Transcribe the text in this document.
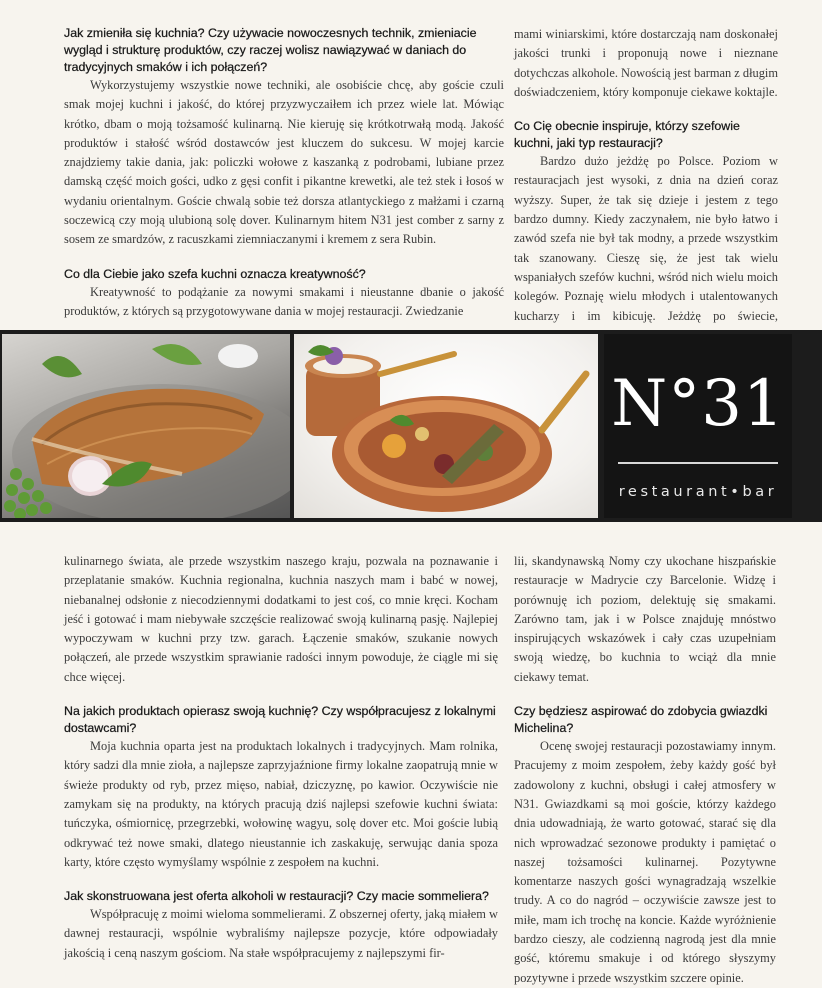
Jak zmieniła się kuchnia? Czy używacie nowoczesnych technik, zmieniacie wygląd i strukturę produktów, czy raczej wolisz nawiązywać w daniach do tradycyjnych smaków i ich połączeń?

Wykorzystujemy wszystkie nowe techniki, ale osobiście chcę, aby goście czuli smak mojej kuchni i jakość, do której przyzwyczaiłem ich przez wiele lat. Mówiąc krótko, dbam o moją tożsamość kulinarną. Nie kieruję się krótkotrwałą modą. Jakość produktów i stałość wśród dostawców jest kluczem do sukcesu. W mojej karcie znajdziemy takie dania, jak: policzki wołowe z kaszanką z podrobami, lubiane przez damską część moich gości, udko z gęsi confit i pikantne krewetki, ale też stek i łosoś w wydaniu orientalnym. Goście chwalą sobie też dorsza atlantyckiego z małżami i czarną soczewicą czy moją ulubioną solę dover. Kulinarnym hitem N31 jest comber z sarny z sosem ze smardzów, z racuszkami ziemniaczanymi i kremem z sera Rubin.

Co dla Ciebie jako szefa kuchni oznacza kreatywność?

Kreatywność to podążanie za nowymi smakami i nieustanne dbanie o jakość produktów, z których są przygotowywane dania w mojej restauracji. Zwiedzanie

mami winiarskimi, które dostarczają nam doskonałej jakości trunki i proponują nowe i nieznane dotychczas alkohole. Nowością jest barman z długim doświadczeniem, który komponuje ciekawe koktajle.

Co Cię obecnie inspiruje, którzy szefowie kuchni, jaki typ restauracji?

Bardzo dużo jeżdżę po Polsce. Poziom w restauracjach jest wysoki, z dnia na dzień coraz wyższy. Super, że tak się dzieje i jestem z tego bardzo dumny. Kiedy zaczynałem, nie było łatwo i zawód szefa nie był tak modny, a przede wszystkim tak szanowany. Cieszę się, że jest tak wielu wspaniałych szefów kuchni, wśród nich wielu moich kolegów. Poznaję wielu młodych i utalentowanych kucharzy i im kibicuję. Jeżdżę po świecie,

N°31
restaurant•bar

kulinarnego świata, ale przede wszystkim naszego kraju, pozwala na poznawanie i przeplatanie smaków. Kuchnia regionalna, kuchnia naszych mam i babć w nowej, niebanalnej odsłonie z niecodziennymi dodatkami to jest coś, co mnie kręci. Kocham jeść i gotować i mam niebywałe szczęście realizować swoją kulinarną pasję. Najlepiej wypoczywam w kuchni przy tzw. garach. Łączenie smaków, szukanie nowych połączeń, ale przede wszystkim sprawianie radości innym powoduje, że ciągle mi się chce więcej.

Na jakich produktach opierasz swoją kuchnię? Czy współpracujesz z lokalnymi dostawcami?

Moja kuchnia oparta jest na produktach lokalnych i tradycyjnych. Mam rolnika, który sadzi dla mnie zioła, a najlepsze zaprzyjaźnione firmy lokalne zaopatrują mnie w świeże produkty od ryb, przez mięso, nabiał, dziczyznę, po kawior. Oczywiście nie zamykam się na produkty, na których pracują dziś najlepsi szefowie kuchni świata: tuńczyka, ośmiornicę, przegrzebki, wołowinę wagyu, solę dover etc. Moi goście lubią odkrywać też nowe smaki, dlatego nieustannie ich zaskakuję, serwując dania spoza karty, które często wymyślamy wspólnie z zespołem na kuchni.

Jak skonstruowana jest oferta alkoholi w restauracji? Czy macie sommeliera?

Współpracuję z moimi wieloma sommelierami. Z obszernej oferty, jaką miałem w dawnej restauracji, wspólnie wybraliśmy najlepsze pozycje, które odpowiadały jakością i ceną naszym gościom. Na stałe współpracujemy z najlepszymi fir-

lii, skandynawską Nomy czy ukochane hiszpańskie restauracje w Madrycie czy Barcelonie. Widzę i porównuję ich poziom, delektuję się smakami. Zarówno tam, jak i w Polsce znajduję mnóstwo inspirujących wskazówek i cały czas uzupełniam swoją wiedzę, bo kuchnia to wciąż dla mnie ciekawy temat.

Czy będziesz aspirować do zdobycia gwiazdki Michelina?

Ocenę swojej restauracji pozostawiamy innym. Pracujemy z moim zespołem, żeby każdy gość był zadowolony z kuchni, obsługi i całej atmosfery w N31. Gwiazdkami są moi goście, którzy każdego dnia udowadniają, że warto gotować, starać się dla nich wprowadzać sezonowe produkty i pamiętać o naszej tożsamości kulinarnej. Pozytywne komentarze naszych gości wynagradzają wszelkie trudy. A co do nagród – oczywiście zawsze jest to miłe, mam ich trochę na koncie. Każde wyróżnienie bardzo cieszy, ale codzienną nagrodą jest dla mnie gość, któremu smakuje i od którego słyszymy pozytywne i przede wszystkim szczere opinie.
